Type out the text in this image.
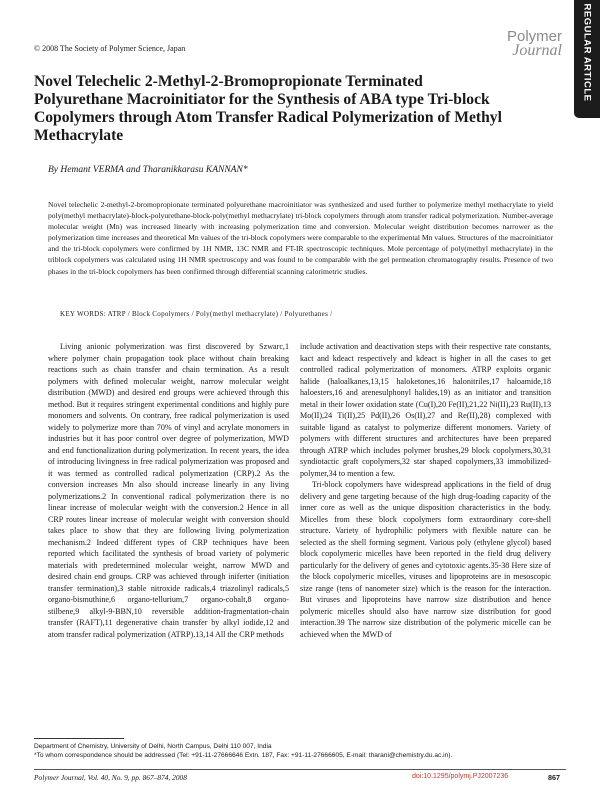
© 2008 The Society of Polymer Science, Japan
Polymer
Journal REGULAR ARTICLE
Novel Telechelic 2-Methyl-2-Bromopropionate Terminated Polyurethane Macroinitiator for the Synthesis of ABA type Tri-block Copolymers through Atom Transfer Radical Polymerization of Methyl Methacrylate
By Hemant VERMA and Tharanikkarasu KANNAN*
Novel telechelic 2-methyl-2-bromopropionate terminated polyurethane macroinitiator was synthesized and used further to polymerize methyl methacrylate to yield poly(methyl methacrylate)-block-polyurethane-block-poly(methyl methacrylate) tri-block copolymers through atom transfer radical polymerization. Number-average molecular weight (Mn) was increased linearly with increasing polymerization time and conversion. Molecular weight distribution becomes narrower as the polymerization time increases and theoretical Mn values of the tri-block copolymers were comparable to the experimental Mn values. Structures of the macroinitiator and the tri-block copolymers were confirmed by 1H NMR, 13C NMR and FT-IR spectroscopic techniques. Mole percentage of poly(methyl methacrylate) in the triblock copolymers was calculated using 1H NMR spectroscopy and was found to be comparable with the gel permeation chromatography results. Presence of two phases in the tri-block copolymers has been confirmed through differential scanning calorimetric studies.
KEY WORDS: ATRP / Block Copolymers / Poly(methyl methacrylate) / Polyurethanes /

Living anionic polymerization was first discovered by Szwarc,1 where polymer chain propagation took place without chain breaking reactions such as chain transfer and chain termination. As a result polymers with defined molecular weight, narrow molecular weight distribution (MWD) and desired end groups were achieved through this method. But it requires stringent experimental conditions and highly pure monomers and solvents. On contrary, free radical polymerization is used widely to polymerize more than 70% of vinyl and acrylate monomers in industries but it has poor control over degree of polymerization, MWD and end functionalization during polymerization. In recent years, the idea of introducing livingness in free radical polymerization was proposed and it was termed as controlled radical polymerization (CRP).2 As the conversion increases Mn also should increase linearly in any living polymerizations.2 In conventional radical polymerization there is no linear increase of molecular weight with the conversion.2 Hence in all CRP routes linear increase of molecular weight with conversion should takes place to show that they are following living polymerization mechanism.2 Indeed different types of CRP techniques have been reported which facilitated the synthesis of broad variety of polymeric materials with predetermined molecular weight, narrow MWD and desired chain end groups. CRP was achieved through iniferter (initiation transfer termination),3 stable nitroxide radicals,4 triazolinyl radicals,5 organo-bismuthine,6 organo-tellurium,7 organo-cobalt,8 organo-stilbene,9 alkyl-9-BBN,10 reversible addition-fragmentation-chain transfer (RAFT),11 degenerative chain transfer by alkyl iodide,12 and atom transfer radical polymerization (ATRP).13,14 All the CRP methods

include activation and deactivation steps with their respective rate constants, kact and kdeact respectively and kdeact is higher in all the cases to get controlled radical polymerization of monomers. ATRP exploits organic halide (haloalkanes,13,15 haloketones,16 halonitriles,17 haloamide,18 haloesters,16 and arenesulphonyl halides,19) as an initiator and transition metal in their lower oxidation state (Cu(I),20 Fe(II),21,22 Ni(II),23 Ru(II),13 Mo(II),24 Ti(II),25 Pd(II),26 Os(II),27 and Re(II),28) complexed with suitable ligand as catalyst to polymerize different monomers. Variety of polymers with different structures and architectures have been prepared through ATRP which includes polymer brushes,29 block copolymers,30,31 syndiotactic graft copolymers,32 star shaped copolymers,33 immobilized-polymer,34 to mention a few.

Tri-block copolymers have widespread applications in the field of drug delivery and gene targeting because of the high drug-loading capacity of the inner core as well as the unique disposition characteristics in the body. Micelles from these block copolymers form extraordinary core-shell structure. Variety of hydrophilic polymers with flexible nature can be selected as the shell forming segment. Various poly (ethylene glycol) based block copolymeric micelles have been reported in the field drug delivery particularly for the delivery of genes and cytotoxic agents.35-38 Here size of the block copolymeric micelles, viruses and lipoproteins are in mesoscopic size range (tens of nanometer size) which is the reason for the interaction. But viruses and lipoproteins have narrow size distribution and hence polymeric micelles should also have narrow size distribution for good interaction.39 The narrow size distribution of the polymeric micelle can be achieved when the MWD of

Department of Chemistry, University of Delhi, North Campus, Delhi 110 007, India
*To whom correspondence should be addressed (Tel: +91-11-27666646 Extn. 187, Fax: +91-11-27666605, E-mail: tharani@chemistry.du.ac.in).
Polymer Journal, Vol. 40, No. 9, pp. 867–874, 2008	doi:10.1295/polymj.PJ2007236	867
